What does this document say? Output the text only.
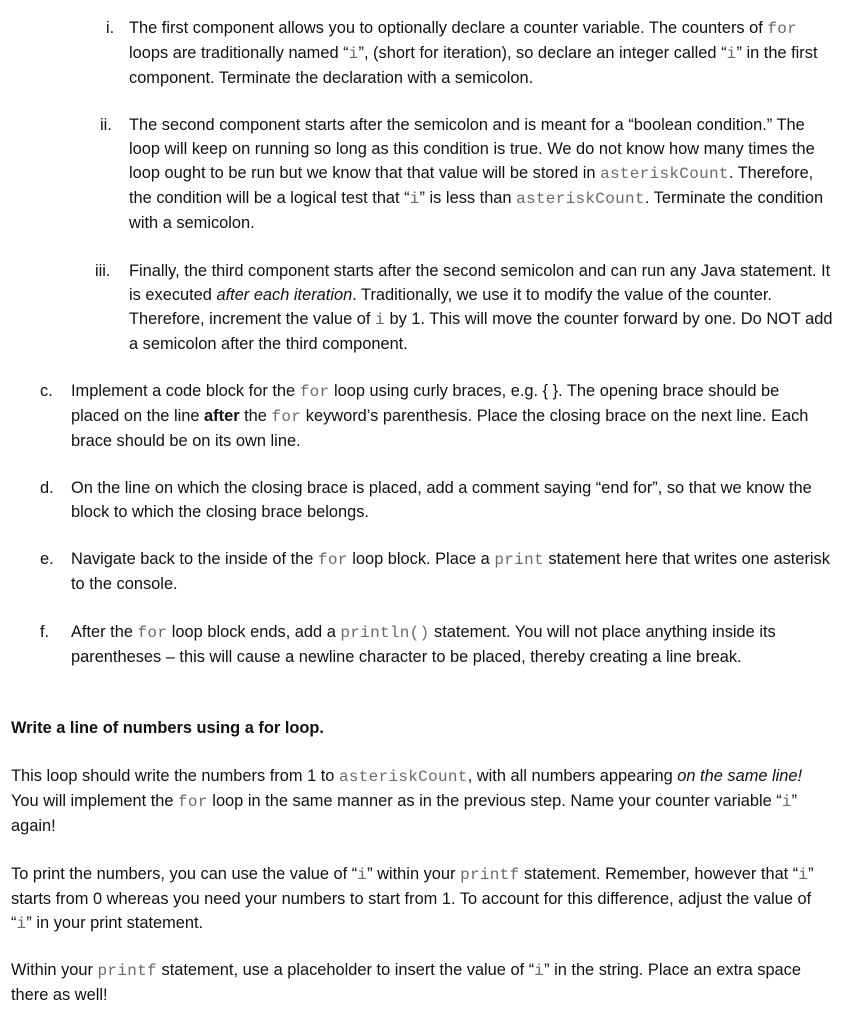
i. The first component allows you to optionally declare a counter variable. The counters of for loops are traditionally named “i”, (short for iteration), so declare an integer called “i” in the first component. Terminate the declaration with a semicolon.

ii. The second component starts after the semicolon and is meant for a “boolean condition.” The loop will keep on running so long as this condition is true. We do not know how many times the loop ought to be run but we know that that value will be stored in asteriskCount. Therefore, the condition will be a logical test that “i” is less than asteriskCount. Terminate the condition with a semicolon.

iii. Finally, the third component starts after the second semicolon and can run any Java statement. It is executed after each iteration. Traditionally, we use it to modify the value of the counter. Therefore, increment the value of i by 1. This will move the counter forward by one. Do NOT add a semicolon after the third component.

c. Implement a code block for the for loop using curly braces, e.g. { }. The opening brace should be placed on the line after the for keyword’s parenthesis. Place the closing brace on the next line. Each brace should be on its own line.

d. On the line on which the closing brace is placed, add a comment saying “end for”, so that we know the block to which the closing brace belongs.

e. Navigate back to the inside of the for loop block. Place a print statement here that writes one asterisk to the console.

f. After the for loop block ends, add a println() statement. You will not place anything inside its parentheses – this will cause a newline character to be placed, thereby creating a line break.

Write a line of numbers using a for loop.

This loop should write the numbers from 1 to asteriskCount, with all numbers appearing on the same line! You will implement the for loop in the same manner as in the previous step. Name your counter variable “i” again!

To print the numbers, you can use the value of “i” within your printf statement. Remember, however that “i” starts from 0 whereas you need your numbers to start from 1. To account for this difference, adjust the value of “i” in your print statement.

Within your printf statement, use a placeholder to insert the value of “i” in the string. Place an extra space there as well!
